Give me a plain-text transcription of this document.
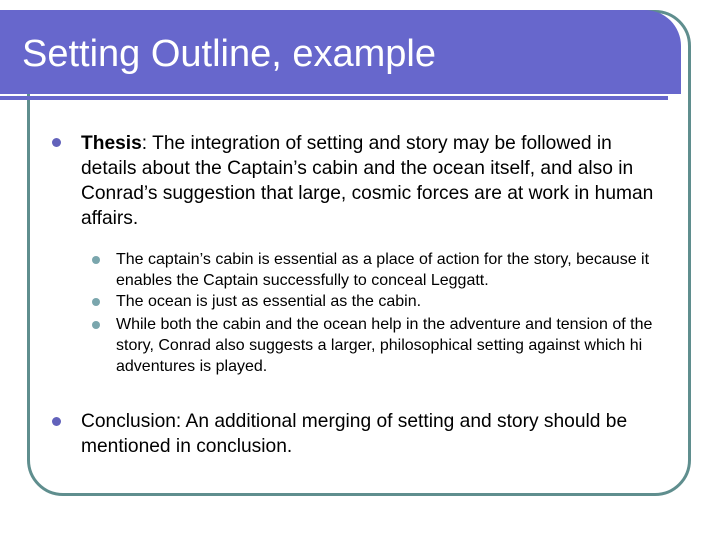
Setting Outline, example
Thesis: The integration of setting and story may be followed in details about the Captain’s cabin and the ocean itself, and also in Conrad’s suggestion that large, cosmic forces are at work in human affairs.
The captain’s cabin is essential as a place of action for the story, because it enables the Captain successfully to conceal Leggatt.
The ocean is just as essential as the cabin.
While both the cabin and the ocean help in the adventure and tension of the story, Conrad also suggests a larger, philosophical setting against which hi adventures is played.
Conclusion: An additional merging of setting and story should be mentioned in conclusion.
